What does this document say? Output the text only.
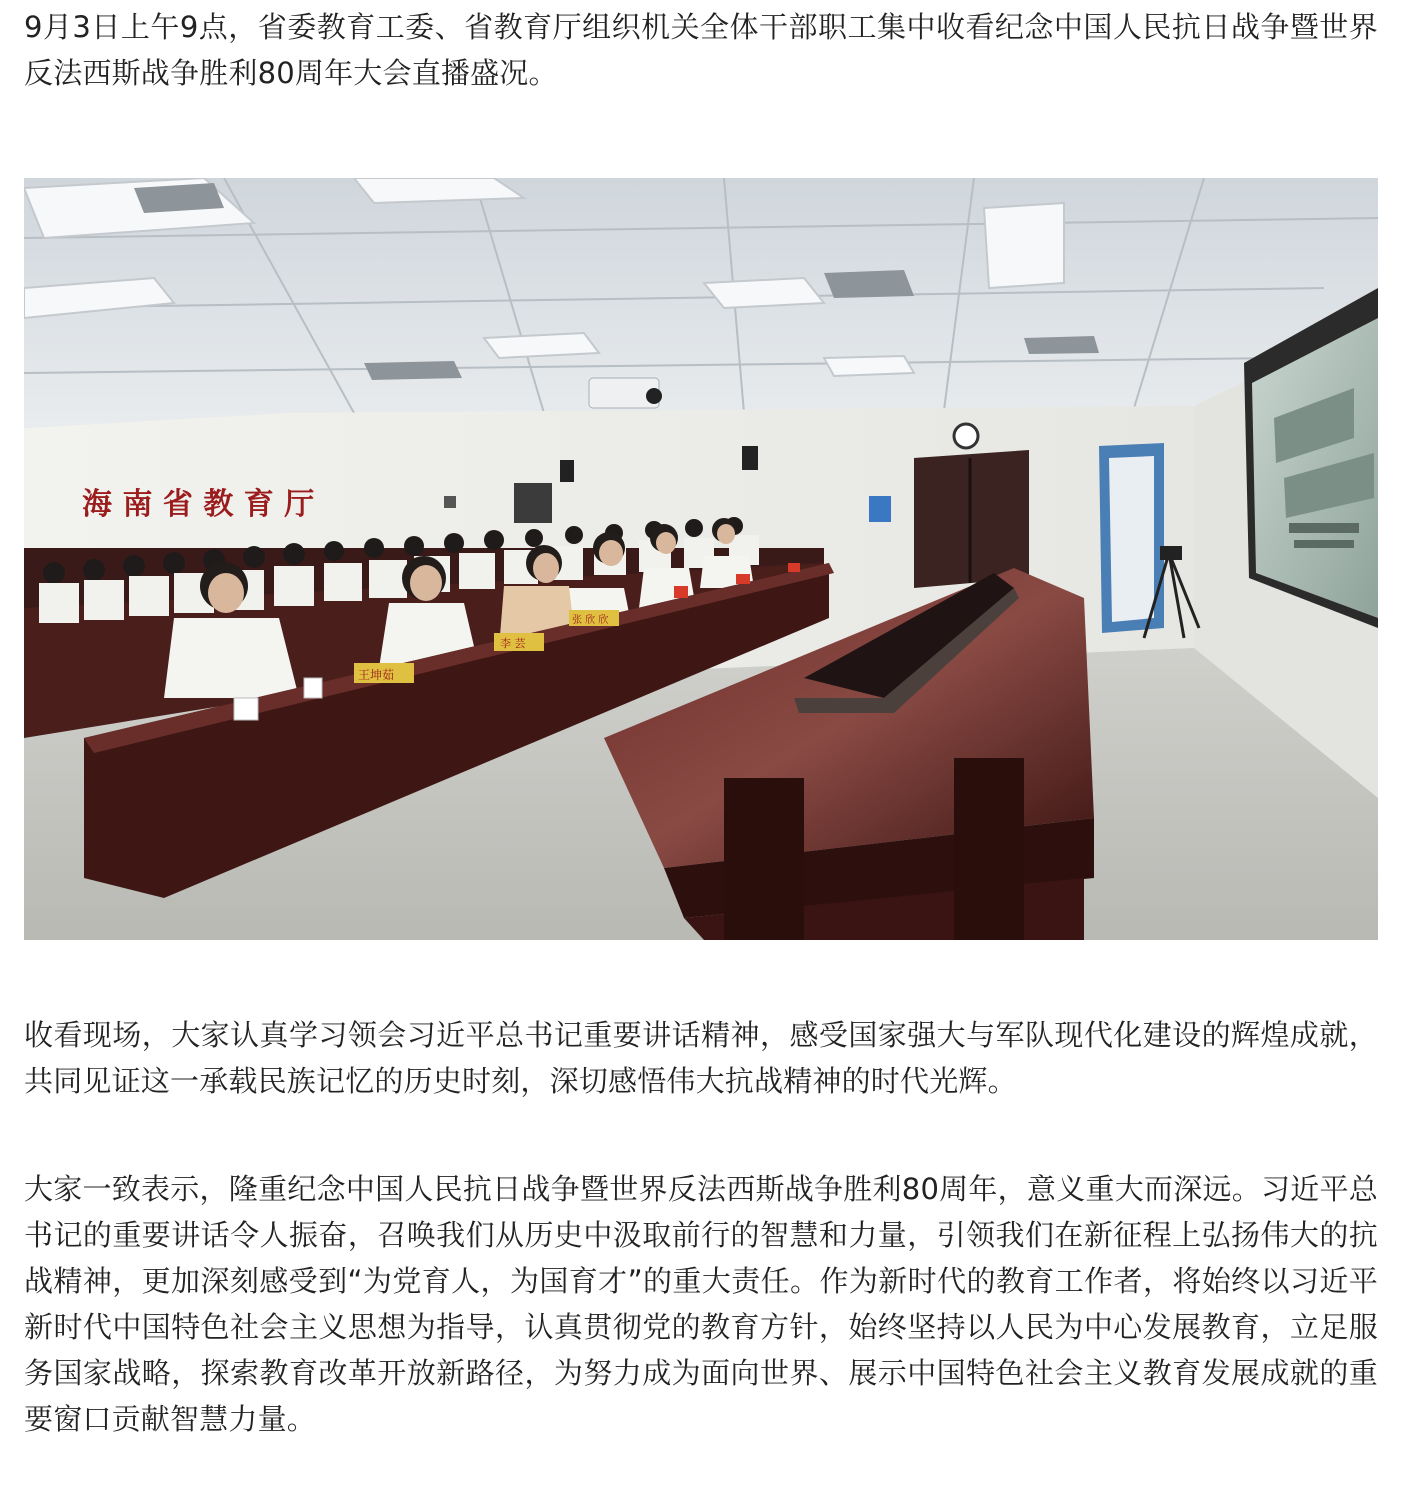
9月3日上午9点，省委教育工委、省教育厅组织机关全体干部职工集中收看纪念中国人民抗日战争暨世界反法西斯战争胜利80周年大会直播盛况。

海 南 省 教 育 厅
王坤茹
李 芸
张 欣 欣

收看现场，大家认真学习领会习近平总书记重要讲话精神，感受国家强大与军队现代化建设的辉煌成就，共同见证这一承载民族记忆的历史时刻，深切感悟伟大抗战精神的时代光辉。

大家一致表示，隆重纪念中国人民抗日战争暨世界反法西斯战争胜利80周年，意义重大而深远。习近平总书记的重要讲话令人振奋，召唤我们从历史中汲取前行的智慧和力量，引领我们在新征程上弘扬伟大的抗战精神，更加深刻感受到“为党育人，为国育才”的重大责任。作为新时代的教育工作者，将始终以习近平新时代中国特色社会主义思想为指导，认真贯彻党的教育方针，始终坚持以人民为中心发展教育，立足服务国家战略，探索教育改革开放新路径，为努力成为面向世界、展示中国特色社会主义教育发展成就的重要窗口贡献智慧力量。
